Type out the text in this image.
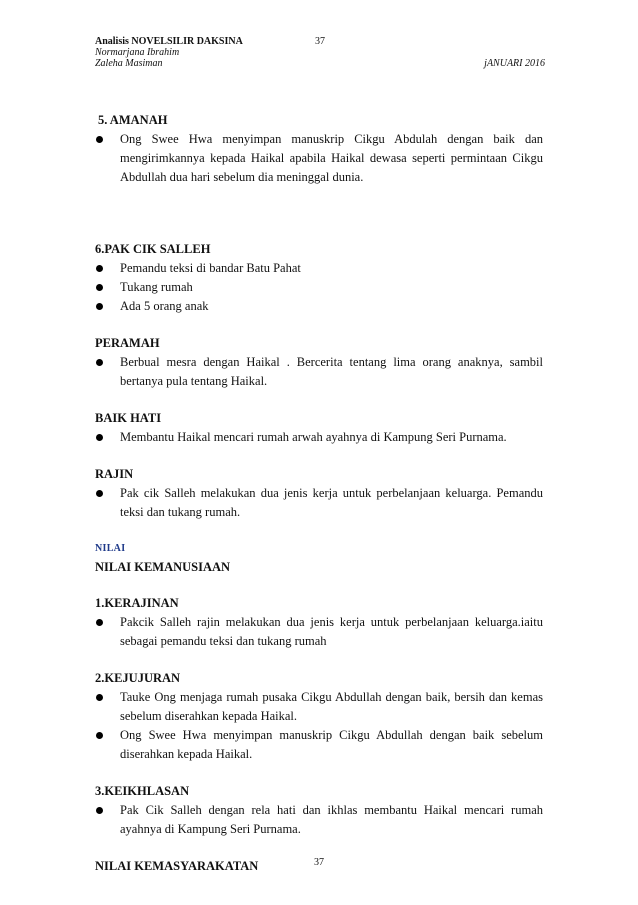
Analisis NOVELSILIR DAKSINA	37
Normarjana Ibrahim
Zaleha Masiman	jANUARI 2016

5. AMANAH

Ong Swee Hwa menyimpan manuskrip Cikgu Abdulah dengan baik dan mengirimkannya kepada Haikal apabila Haikal dewasa seperti permintaan Cikgu Abdullah dua hari sebelum dia meninggal dunia.

6.PAK CIK SALLEH

Pemandu teksi di bandar Batu Pahat
Tukang rumah
Ada 5 orang anak

PERAMAH

Berbual mesra dengan Haikal . Bercerita tentang lima orang anaknya, sambil bertanya pula tentang Haikal.

BAIK HATI

Membantu Haikal mencari rumah arwah ayahnya di Kampung Seri Purnama.

RAJIN

Pak cik Salleh melakukan dua jenis kerja untuk perbelanjaan keluarga. Pemandu teksi dan tukang rumah.

NILAI

NILAI KEMANUSIAAN

1.KERAJINAN

Pakcik Salleh rajin melakukan dua jenis kerja untuk perbelanjaan keluarga.iaitu sebagai pemandu teksi dan tukang rumah

2.KEJUJURAN

Tauke Ong menjaga rumah pusaka Cikgu Abdullah dengan baik, bersih dan kemas sebelum diserahkan kepada Haikal.
Ong Swee Hwa menyimpan manuskrip Cikgu Abdullah dengan baik sebelum diserahkan kepada Haikal.

3.KEIKHLASAN

Pak Cik Salleh dengan rela hati dan ikhlas membantu Haikal mencari rumah ayahnya di Kampung Seri Purnama.

NILAI KEMASYARAKATAN	37
